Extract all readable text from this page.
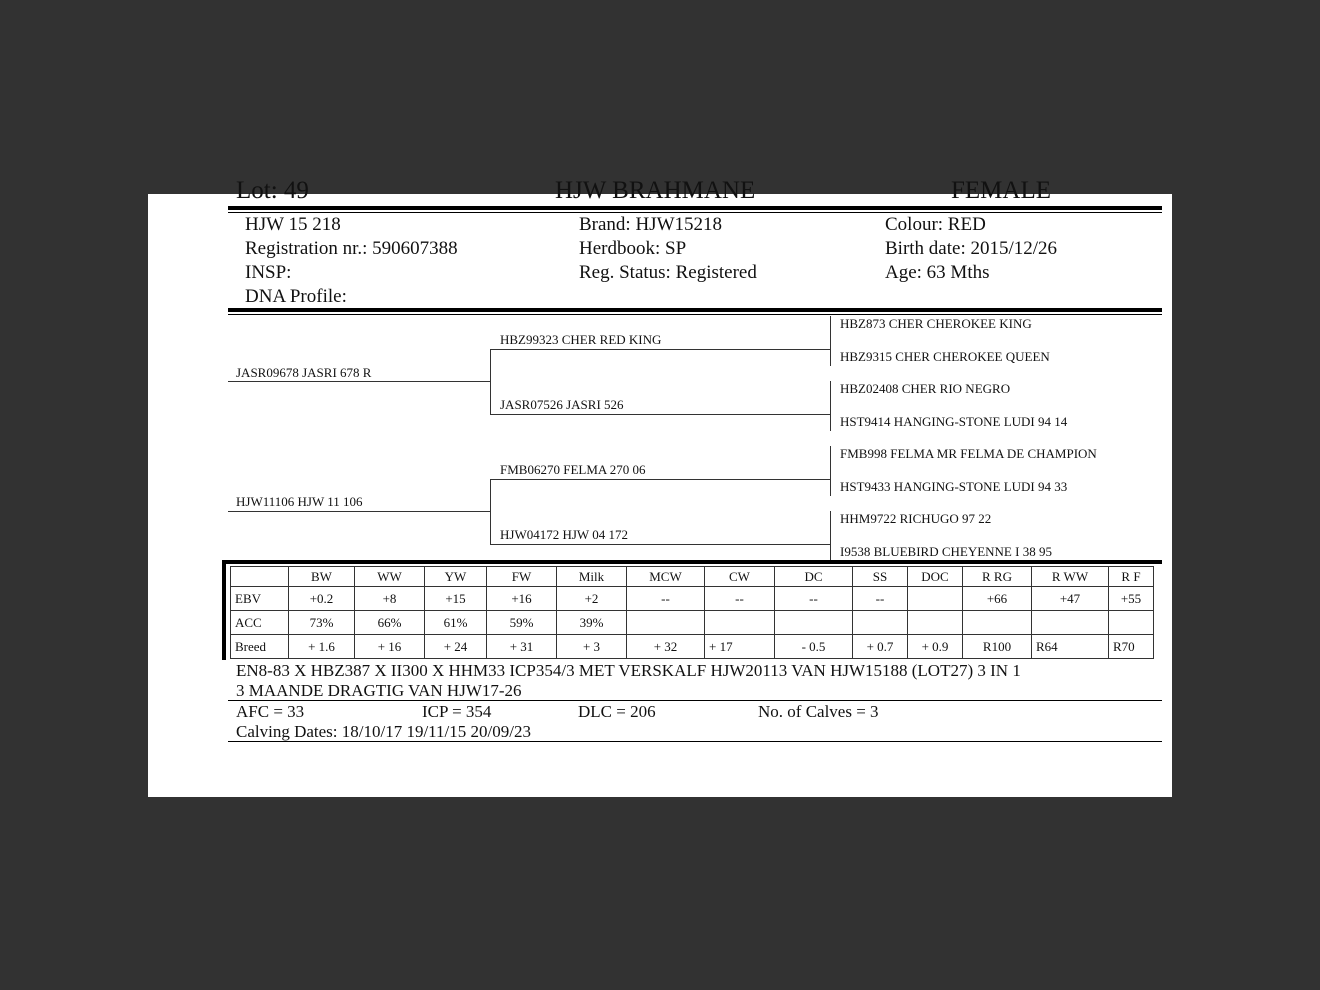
Lot: 49	HJW BRAHMANE	FEMALE
HJW 15 218
Registration nr.: 590607388
INSP:
DNA Profile:
Brand: HJW15218
Herdbook: SP
Reg. Status: Registered
Colour: RED
Birth date: 2015/12/26
Age: 63 Mths
JASR09678 JASRI 678 R
HJW11106 HJW 11 106
HBZ99323 CHER RED KING
JASR07526 JASRI 526
FMB06270 FELMA 270 06
HJW04172 HJW 04 172
HBZ873 CHER CHEROKEE KING
HBZ9315 CHER CHEROKEE QUEEN
HBZ02408 CHER RIO NEGRO
HST9414 HANGING-STONE LUDI 94 14
FMB998 FELMA MR FELMA DE CHAMPION
HST9433 HANGING-STONE LUDI 94 33
HHM9722 RICHUGO 97 22
I9538 BLUEBIRD CHEYENNE I 38 95
	BW	WW	YW	FW	Milk	MCW	CW	DC	SS	DOC	R RG	R WW	R F
EBV	+0.2	+8	+15	+16	+2	--	--	--	--		+66	+47	+55
ACC	73%	66%	61%	59%	39%								
Breed	+ 1.6	+ 16	+ 24	+ 31	+ 3	+ 32	+ 17	- 0.5	+ 0.7	+ 0.9	R100	R64	R70
EN8-83 X HBZ387 X II300 X HHM33 ICP354/3 MET VERSKALF HJW20113 VAN HJW15188 (LOT27) 3 IN 1
3 MAANDE DRAGTIG VAN HJW17-26
AFC = 33	ICP = 354	DLC = 206	No. of Calves = 3
Calving Dates: 18/10/17 19/11/15 20/09/23
